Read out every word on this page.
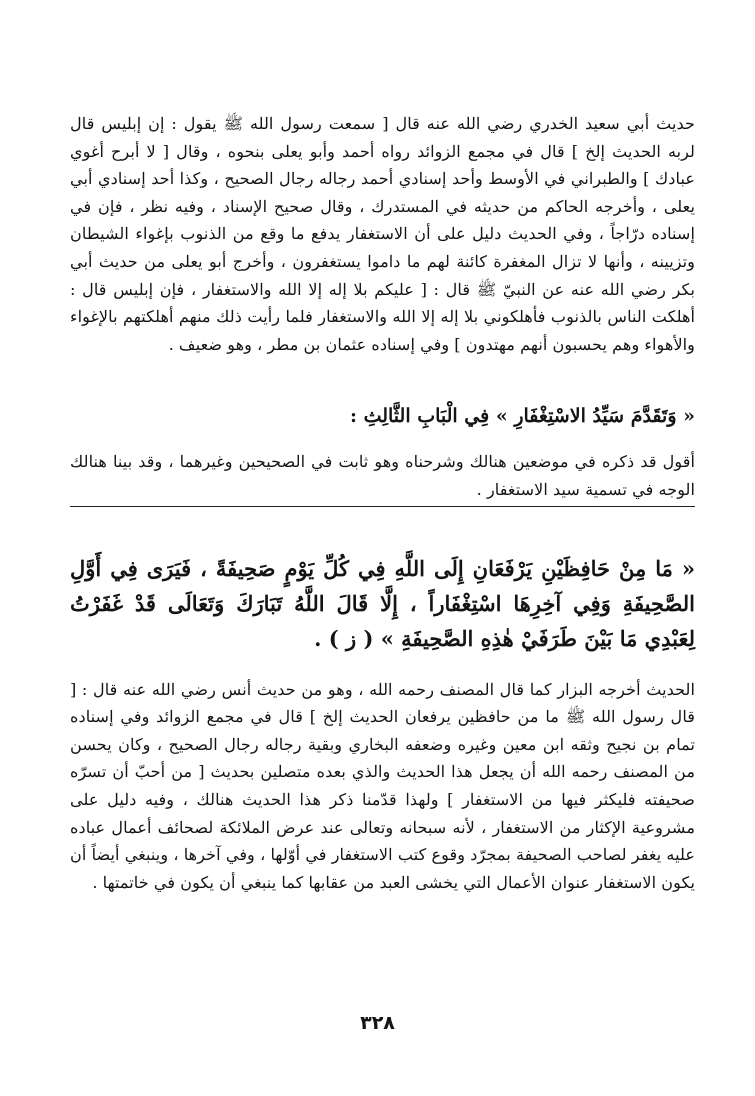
حديث أبي سعيد الخدري رضي الله عنه قال [ سمعت رسول الله ﷺ يقول : إن إبليس قال لربه الحديث إلخ ] قال في مجمع الزوائد رواه أحمد وأبو يعلى بنحوه ، وقال [ لا أبرح أغوي عبادك ] والطبراني في الأوسط وأحد إسنادي أحمد رجاله رجال الصحيح ، وكذا أحد إسنادي أبي يعلى ، وأخرجه الحاكم من حديثه في المستدرك ، وقال صحيح الإسناد ، وفيه نظر ، فإن في إسناده درّاجاً ، وفي الحديث دليل على أن الاستغفار يدفع ما وقع من الذنوب بإغواء الشيطان وتزيينه ، وأنها لا تزال المغفرة كائنة لهم ما داموا يستغفرون ، وأخرج أبو يعلى من حديث أبي بكر رضي الله عنه عن النبيّ ﷺ قال : [ عليكم بلا إله إلا الله والاستغفار ، فإن إبليس قال : أهلكت الناس بالذنوب فأهلكوني بلا إله إلا الله والاستغفار فلما رأيت ذلك منهم أهلكتهم بالإغواء والأهواء وهم يحسبون أنهم مهتدون ] وفي إسناده عثمان بن مطر ، وهو ضعيف .

« وَتَقَدَّمَ سَيِّدُ الاسْتِغْفَارِ » فِي الْبَابِ الثَّالِثِ :

أقول قد ذكره في موضعين هنالك وشرحناه وهو ثابت في الصحيحين وغيرهما ، وقد بينا هنالك الوجه في تسمية سيد الاستغفار .

« مَا مِنْ حَافِظَيْنِ يَرْفَعَانِ إِلَى اللَّهِ فِي كُلِّ يَوْمٍ صَحِيفَةً ، فَيَرَى فِي أَوَّلِ الصَّحِيفَةِ وَفِي آخِرِهَا اسْتِغْفَاراً ، إِلَّا قَالَ اللَّهُ تَبَارَكَ وَتَعَالَى قَدْ غَفَرْتُ لِعَبْدِي مَا بَيْنَ طَرَفَيْ هٰذِهِ الصَّحِيفَةِ » ( ز ) .

الحديث أخرجه البزار كما قال المصنف رحمه الله ، وهو من حديث أنس رضي الله عنه قال : [ قال رسول الله ﷺ ما من حافظين يرفعان الحديث إلخ ] قال في مجمع الزوائد وفي إسناده تمام بن نجيح وثقه ابن معين وغيره وضعفه البخاري وبقية رجاله رجال الصحيح ، وكان يحسن من المصنف رحمه الله أن يجعل هذا الحديث والذي بعده متصلين بحديث [ من أحبّ أن تسرّه صحيفته فليكثر فيها من الاستغفار ] ولهذا قدّمنا ذكر هذا الحديث هنالك ، وفيه دليل على مشروعية الإكثار من الاستغفار ، لأنه سبحانه وتعالى عند عرض الملائكة لصحائف أعمال عباده عليه يغفر لصاحب الصحيفة بمجرّد وقوع كتب الاستغفار في أوّلها ، وفي آخرها ، وينبغي أيضاً أن يكون الاستغفار عنوان الأعمال التي يخشى العبد من عقابها كما ينبغي أن يكون في خاتمتها .

٣٢٨
